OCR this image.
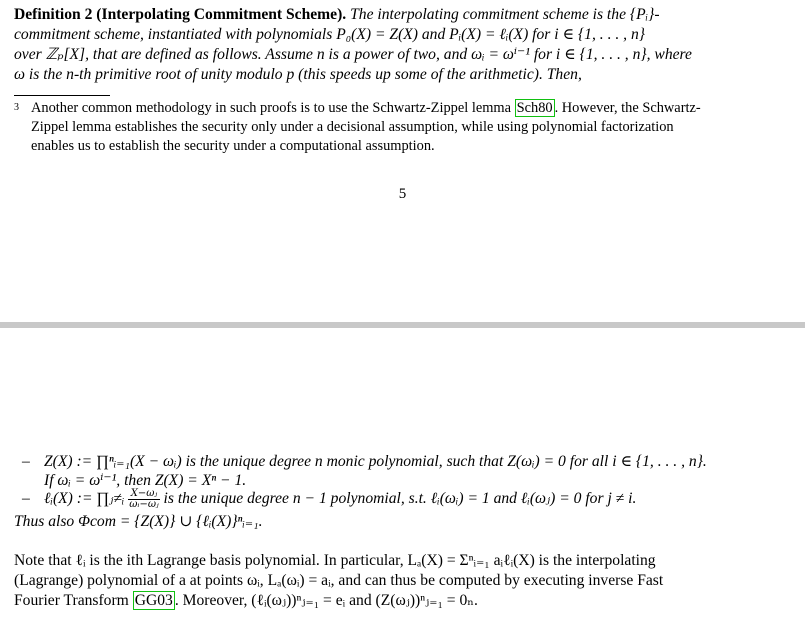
Definition 2 (Interpolating Commitment Scheme). The interpolating commitment scheme is the {Pᵢ}-
commitment scheme, instantiated with polynomials P₀(X) = Z(X) and Pᵢ(X) = ℓᵢ(X) for i ∈ {1, . . . , n}
over ℤₚ[X], that are defined as follows. Assume n is a power of two, and ωᵢ = ωⁱ⁻¹ for i ∈ {1, . . . , n}, where
ω is the n-th primitive root of unity modulo p (this speeds up some of the arithmetic). Then,
3 Another common methodology in such proofs is to use the Schwartz-Zippel lemma Sch80 . However, the Schwartz-
Zippel lemma establishes the security only under a decisional assumption, while using polynomial factorization
enables us to establish the security under a computational assumption.
5
– Z(X) := ∏ⁿᵢ₌₁(X − ωᵢ) is the unique degree n monic polynomial, such that Z(ωᵢ) = 0 for all i ∈ {1, . . . , n}.
If ωᵢ = ωⁱ⁻¹, then Z(X) = Xⁿ − 1.
– ℓᵢ(X) := ∏ⱼ≠ᵢ $\frac{\text{X−ωⱼ}}{\text{ωᵢ−ωⱼ}}$ is the unique degree n − 1 polynomial, s.t. ℓᵢ(ωᵢ) = 1 and ℓᵢ(ωⱼ) = 0 for j ≠ i.
Thus also Φcom = {Z(X)} ∪ {ℓᵢ(X)}ⁿᵢ₌₁.
Note that ℓᵢ is the ith Lagrange basis polynomial. In particular, Lₐ(X) = Σⁿᵢ₌₁ aᵢℓᵢ(X) is the interpolating
(Lagrange) polynomial of a at points ωᵢ, Lₐ(ωᵢ) = aᵢ, and can thus be computed by executing inverse Fast
Fourier Transform GG03 . Moreover, (ℓᵢ(ωⱼ))ⁿⱼ₌₁ = eᵢ and (Z(ωⱼ))ⁿⱼ₌₁ = 0ₙ.
